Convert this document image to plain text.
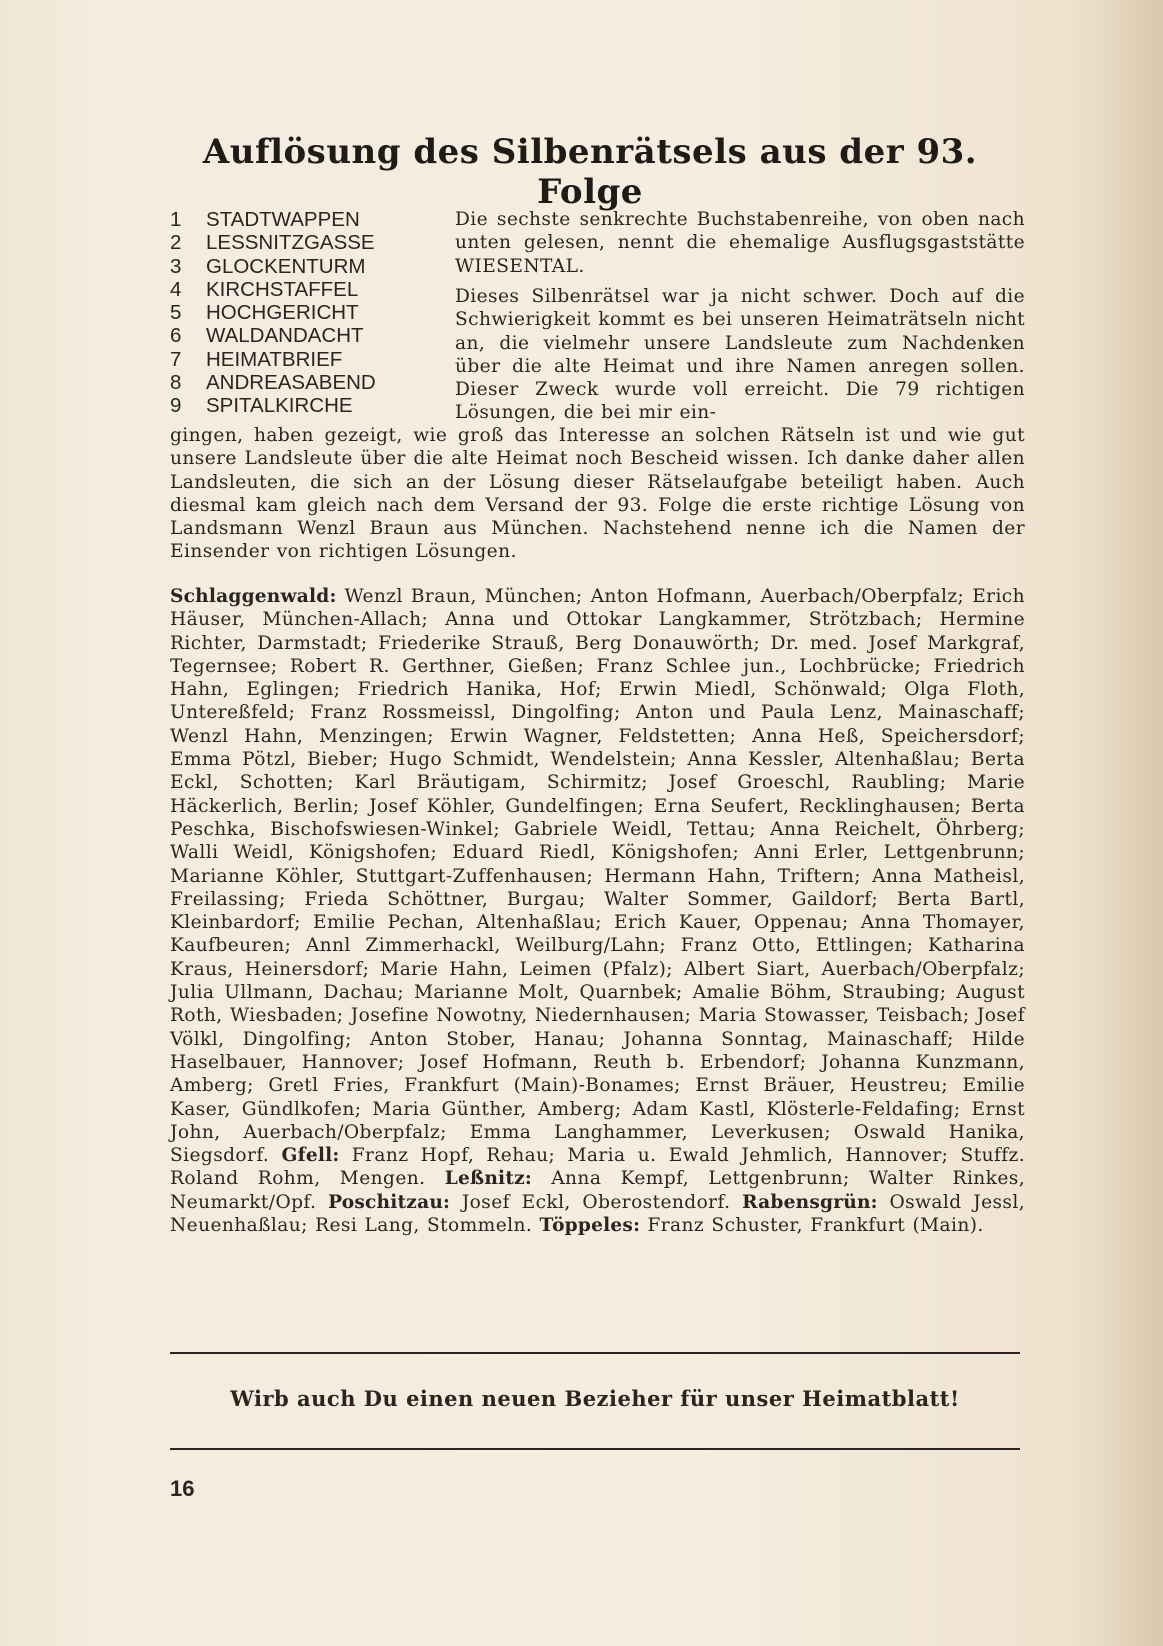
Auflösung des Silbenrätsels aus der 93. Folge
1	STADTWAPPEN
2	LESSNITZGASSE
3	GLOCKENTURM
4	KIRCHSTAFFEL
5	HOCHGERICHT
6	WALDANDACHT
7	HEIMATBRIEF
8	ANDREASABEND
9	SPITALKIRCHE

Die sechste senkrechte Buchstabenreihe, von oben nach unten gelesen, nennt die ehemalige Ausflugsgaststätte WIESENTAL.

Dieses Silbenrätsel war ja nicht schwer. Doch auf die Schwierigkeit kommt es bei unseren Heimaträtseln nicht an, die vielmehr unsere Landsleute zum Nachdenken über die alte Heimat und ihre Namen anregen sollen. Dieser Zweck wurde voll erreicht. Die 79 richtigen Lösungen, die bei mir ein-

gingen, haben gezeigt, wie groß das Interesse an solchen Rätseln ist und wie gut unsere Landsleute über die alte Heimat noch Bescheid wissen. Ich danke daher allen Landsleuten, die sich an der Lösung dieser Rätselaufgabe beteiligt haben. Auch diesmal kam gleich nach dem Versand der 93. Folge die erste richtige Lösung von Landsmann Wenzl Braun aus München. Nachstehend nenne ich die Namen der Einsender von richtigen Lösungen.

Schlaggenwald: Wenzl Braun, München; Anton Hofmann, Auerbach/Oberpfalz; Erich Häuser, München-Allach; Anna und Ottokar Langkammer, Strötzbach; Hermine Richter, Darmstadt; Friederike Strauß, Berg Donauwörth; Dr. med. Josef Markgraf, Tegernsee; Robert R. Gerthner, Gießen; Franz Schlee jun., Lochbrücke; Friedrich Hahn, Eglingen; Friedrich Hanika, Hof; Erwin Miedl, Schönwald; Olga Floth, Untereßfeld; Franz Rossmeissl, Dingolfing; Anton und Paula Lenz, Mainaschaff; Wenzl Hahn, Menzingen; Erwin Wagner, Feldstetten; Anna Heß, Speichersdorf; Emma Pötzl, Bieber; Hugo Schmidt, Wendelstein; Anna Kessler, Altenhaßlau; Berta Eckl, Schotten; Karl Bräutigam, Schirmitz; Josef Groeschl, Raubling; Marie Häckerlich, Berlin; Josef Köhler, Gundelfingen; Erna Seufert, Recklinghausen; Berta Peschka, Bischofswiesen-Winkel; Gabriele Weidl, Tettau; Anna Reichelt, Öhrberg; Walli Weidl, Königshofen; Eduard Riedl, Königshofen; Anni Erler, Lettgenbrunn; Marianne Köhler, Stuttgart-Zuffenhausen; Hermann Hahn, Triftern; Anna Matheisl, Freilassing; Frieda Schöttner, Burgau; Walter Sommer, Gaildorf; Berta Bartl, Kleinbardorf; Emilie Pechan, Altenhaßlau; Erich Kauer, Oppenau; Anna Thomayer, Kaufbeuren; Annl Zimmerhackl, Weilburg/Lahn; Franz Otto, Ettlingen; Katharina Kraus, Heinersdorf; Marie Hahn, Leimen (Pfalz); Albert Siart, Auerbach/Oberpfalz; Julia Ullmann, Dachau; Marianne Molt, Quarnbek; Amalie Böhm, Straubing; August Roth, Wiesbaden; Josefine Nowotny, Niedernhausen; Maria Stowasser, Teisbach; Josef Völkl, Dingolfing; Anton Stober, Hanau; Johanna Sonntag, Mainaschaff; Hilde Haselbauer, Hannover; Josef Hofmann, Reuth b. Erbendorf; Johanna Kunzmann, Amberg; Gretl Fries, Frankfurt (Main)-Bonames; Ernst Bräuer, Heustreu; Emilie Kaser, Gündlkofen; Maria Günther, Amberg; Adam Kastl, Klösterle-Feldafing; Ernst John, Auerbach/Oberpfalz; Emma Langhammer, Leverkusen; Oswald Hanika, Siegsdorf. Gfell: Franz Hopf, Rehau; Maria u. Ewald Jehmlich, Hannover; Stuffz. Roland Rohm, Mengen. Leßnitz: Anna Kempf, Lettgenbrunn; Walter Rinkes, Neumarkt/Opf. Poschitzau: Josef Eckl, Oberostendorf. Rabensgrün: Oswald Jessl, Neuenhaßlau; Resi Lang, Stommeln. Töppeles: Franz Schuster, Frankfurt (Main).

Wirb auch Du einen neuen Bezieher für unser Heimatblatt!
16
